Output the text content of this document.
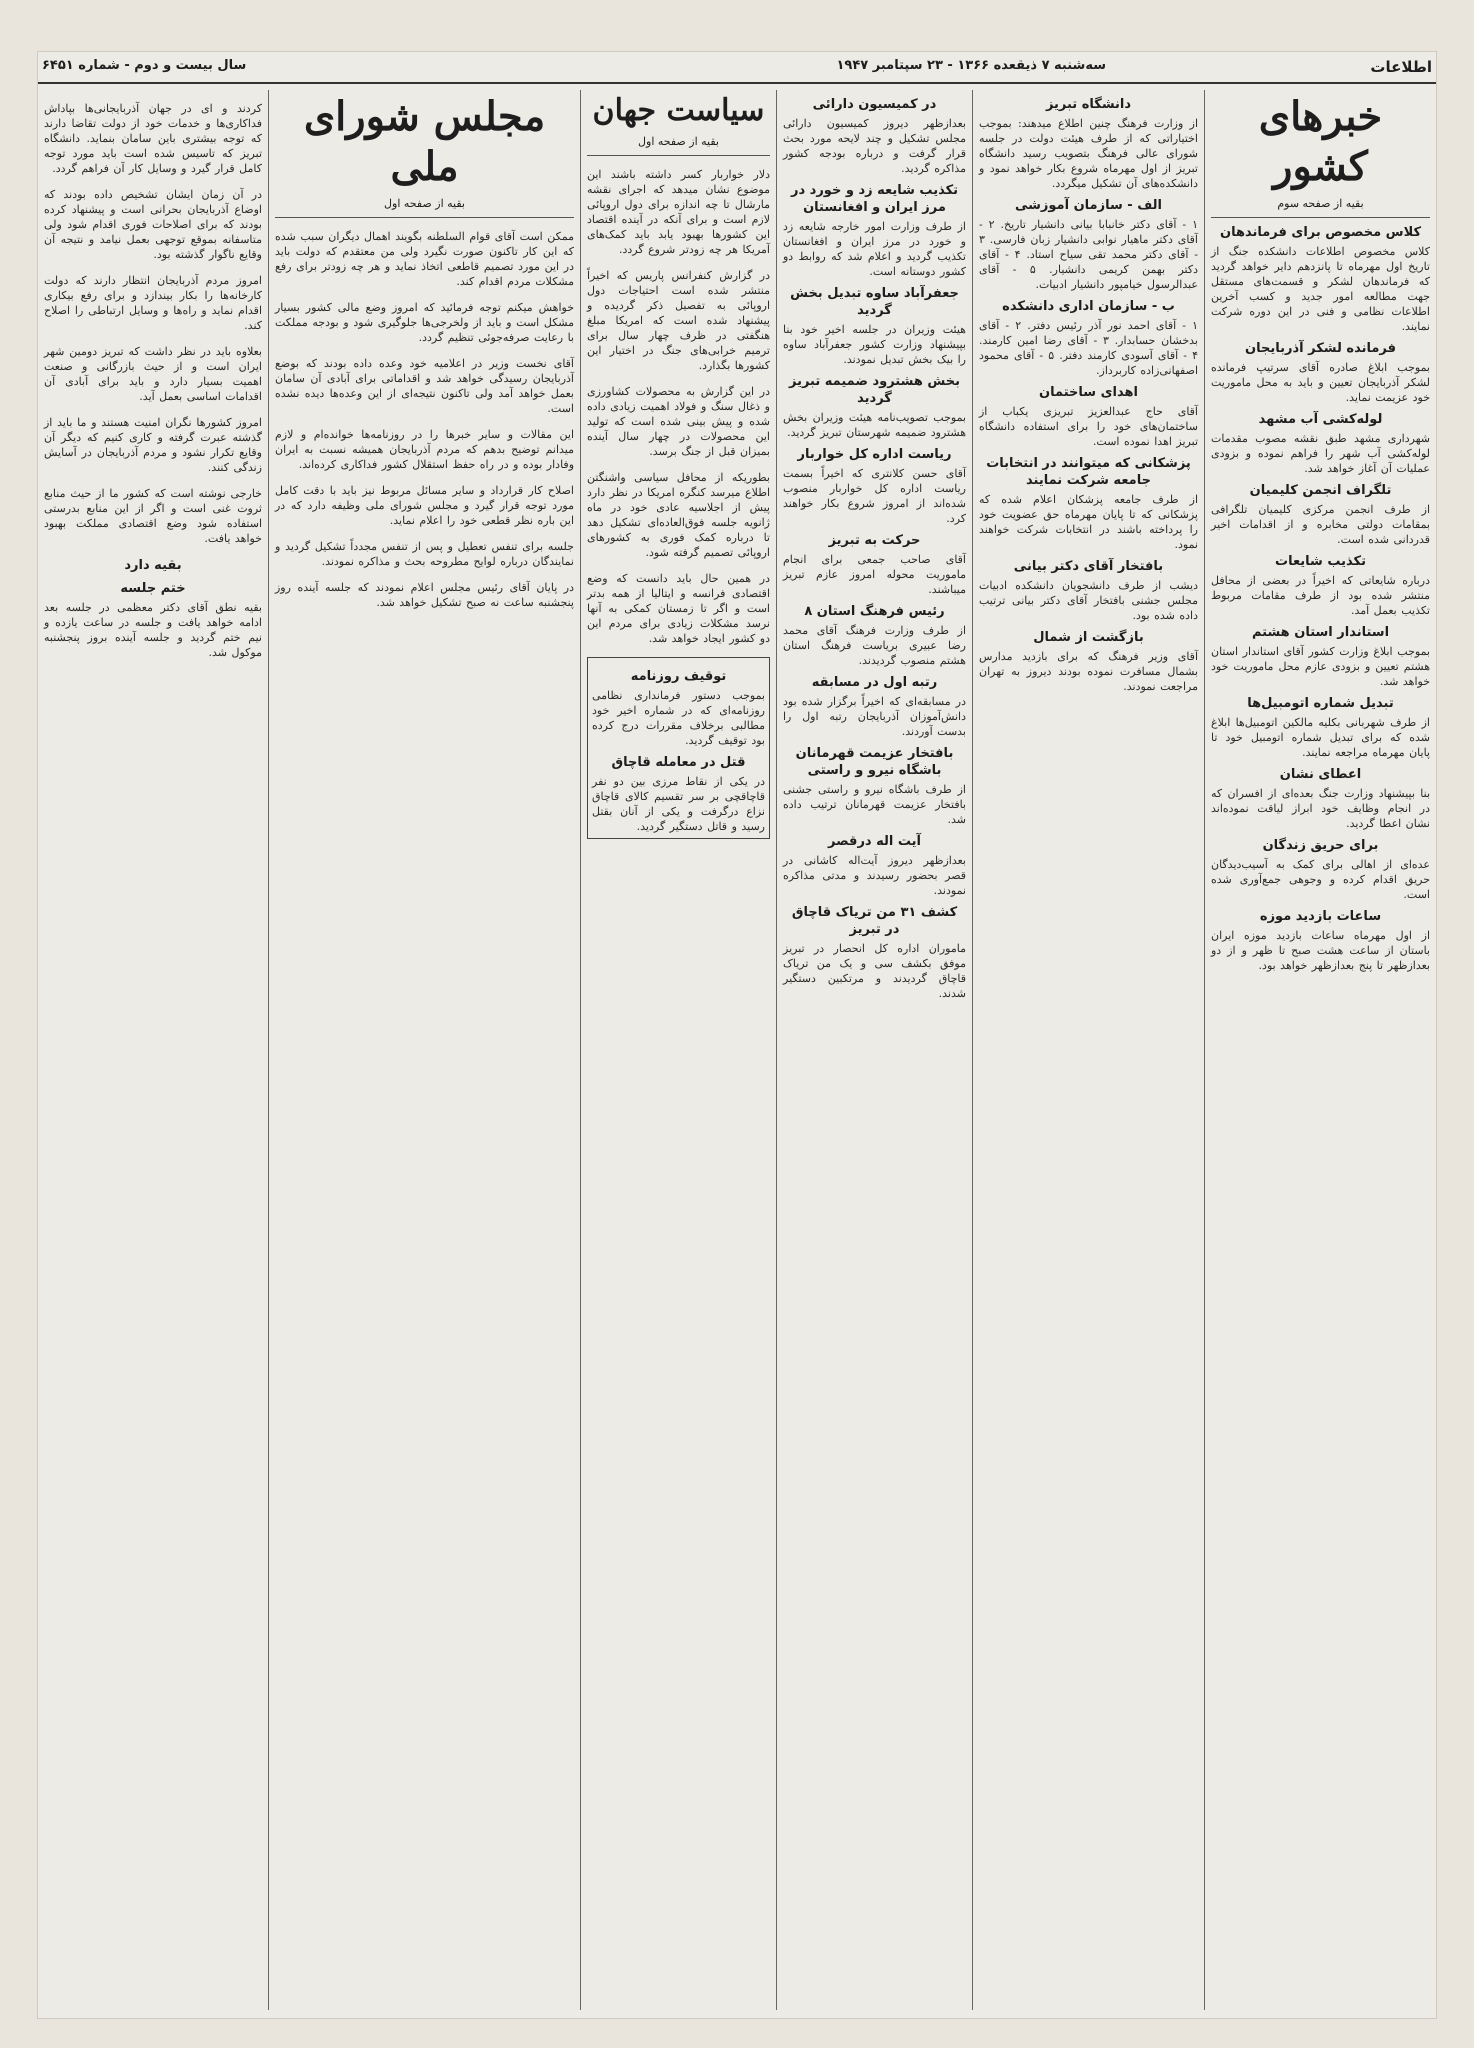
اطلاعات
سه‌شنبه ۷ ذیقعده ۱۳۶۶ - ۲۳ سپتامبر ۱۹۴۷
سال بیست و دوم - شماره ۶۴۵۱
خبرهای کشور
بقیه از صفحه سوم
کلاس مخصوص برای فرماندهان
کلاس مخصوص اطلاعات دانشکده جنگ از تاریخ اول مهرماه تا پانزدهم دایر خواهد گردید که فرماندهان لشکر و قسمت‌های مستقل جهت مطالعه امور جدید و کسب آخرین اطلاعات نظامی و فنی در این دوره شرکت نمایند.
فرمانده لشکر آذربایجان
بموجب ابلاغ صادره آقای سرتیپ فرمانده لشکر آذربایجان تعیین و باید به محل ماموریت خود عزیمت نماید.
لوله‌کشی آب مشهد
شهرداری مشهد طبق نقشه مصوب مقدمات لوله‌کشی آب شهر را فراهم نموده و بزودی عملیات آن آغاز خواهد شد.
تلگراف انجمن کلیمیان
از طرف انجمن مرکزی کلیمیان تلگرافی بمقامات دولتی مخابره و از اقدامات اخیر قدردانی شده است.
تکذیب شایعات
درباره شایعاتی که اخیراً در بعضی از محافل منتشر شده بود از طرف مقامات مربوط تکذیب بعمل آمد.
استاندار استان هشتم
بموجب ابلاغ وزارت کشور آقای استاندار استان هشتم تعیین و بزودی عازم محل ماموریت خود خواهد شد.
تبدیل شماره اتومبیل‌ها
از طرف شهربانی بکلیه مالکین اتومبیل‌ها ابلاغ شده که برای تبدیل شماره اتومبیل خود تا پایان مهرماه مراجعه نمایند.
اعطای نشان
بنا بپیشنهاد وزارت جنگ بعده‌ای از افسران که در انجام وظایف خود ابراز لیاقت نموده‌اند نشان اعطا گردید.
برای حریق زندگان
عده‌ای از اهالی برای کمک به آسیب‌دیدگان حریق اقدام کرده و وجوهی جمع‌آوری شده است.
ساعات بازدید موزه
از اول مهرماه ساعات بازدید موزه ایران باستان از ساعت هشت صبح تا ظهر و از دو بعدازظهر تا پنج بعدازظهر خواهد بود.
دانشگاه تبریز
از وزارت فرهنگ چنین اطلاع میدهند: بموجب اختیاراتی که از طرف هیئت دولت در جلسه شورای عالی فرهنگ بتصویب رسید دانشگاه تبریز از اول مهرماه شروع بکار خواهد نمود و دانشکده‌های آن تشکیل میگردد.
الف - سازمان آموزشی
۱ - آقای دکتر خانبابا بیانی دانشیار تاریخ. ۲ - آقای دکتر ماهیار نوابی دانشیار زبان فارسی. ۳ - آقای دکتر محمد تقی سیاح استاد. ۴ - آقای دکتر بهمن کریمی دانشیار. ۵ - آقای عبدالرسول خیامپور دانشیار ادبیات.
ب - سازمان اداری دانشکده
۱ - آقای احمد نور آذر رئیس دفتر. ۲ - آقای بدخشان حسابدار. ۳ - آقای رضا امین کارمند. ۴ - آقای آسودی کارمند دفتر. ۵ - آقای محمود اصفهانی‌زاده کاربرداز.
اهدای ساختمان
آقای حاج عبدالعزیز تبریزی یکباب از ساختمان‌های خود را برای استفاده دانشگاه تبریز اهدا نموده است.
پزشکانی که میتوانند در انتخابات جامعه شرکت نمایند
از طرف جامعه پزشکان اعلام شده که پزشکانی که تا پایان مهرماه حق عضویت خود را پرداخته باشند در انتخابات شرکت خواهند نمود.
بافتخار آقای دکتر بیانی
دیشب از طرف دانشجویان دانشکده ادبیات مجلس جشنی بافتخار آقای دکتر بیانی ترتیب داده شده بود.
بازگشت از شمال
آقای وزیر فرهنگ که برای بازدید مدارس بشمال مسافرت نموده بودند دیروز به تهران مراجعت نمودند.
در کمیسیون دارائی
بعدازظهر دیروز کمیسیون دارائی مجلس تشکیل و چند لایحه مورد بحث قرار گرفت و درباره بودجه کشور مذاکره گردید.
تکذیب شایعه زد و خورد در مرز ایران و افغانستان
از طرف وزارت امور خارجه شایعه زد و خورد در مرز ایران و افغانستان تکذیب گردید و اعلام شد که روابط دو کشور دوستانه است.
جعفرآباد ساوه تبدیل بخش گردید
هیئت وزیران در جلسه اخیر خود بنا بپیشنهاد وزارت کشور جعفرآباد ساوه را بیک بخش تبدیل نمودند.
بخش هشترود ضمیمه تبریز گردید
بموجب تصویب‌نامه هیئت وزیران بخش هشترود ضمیمه شهرستان تبریز گردید.
ریاست اداره کل خواربار
آقای حسن کلانتری که اخیراً بسمت ریاست اداره کل خواربار منصوب شده‌اند از امروز شروع بکار خواهند کرد.
حرکت به تبریز
آقای صاحب جمعی برای انجام ماموریت محوله امروز عازم تبریز میباشند.
رئیس فرهنگ استان ۸
از طرف وزارت فرهنگ آقای محمد رضا عبیری بریاست فرهنگ استان هشتم منصوب گردیدند.
رتبه اول در مسابقه
در مسابقه‌ای که اخیراً برگزار شده بود دانش‌آموزان آذربایجان رتبه اول را بدست آوردند.
بافتخار عزیمت قهرمانان باشگاه نیرو و راستی
از طرف باشگاه نیرو و راستی جشنی بافتخار عزیمت قهرمانان ترتیب داده شد.
آیت اله درقصر
بعدازظهر دیروز آیت‌اله کاشانی در قصر بحضور رسیدند و مدتی مذاکره نمودند.
کشف ۳۱ من تریاک قاچاق در تبریز
ماموران اداره کل انحصار در تبریز موفق بکشف سی و یک من تریاک قاچاق گردیدند و مرتکبین دستگیر شدند.
سیاست جهان
بقیه از صفحه اول

دلار خواربار کسر داشته باشند این موضوع نشان میدهد که اجرای نقشه مارشال تا چه اندازه برای دول اروپائی لازم است و برای آنکه در آینده اقتصاد این کشورها بهبود یابد باید کمک‌های آمریکا هر چه زودتر شروع گردد.

در گزارش کنفرانس پاریس که اخیراً منتشر شده است احتیاجات دول اروپائی به تفصیل ذکر گردیده و پیشنهاد شده است که امریکا مبلغ هنگفتی در ظرف چهار سال برای ترمیم خرابی‌های جنگ در اختیار این کشورها بگذارد.

در این گزارش به محصولات کشاورزی و ذغال سنگ و فولاد اهمیت زیادی داده شده و پیش بینی شده است که تولید این محصولات در چهار سال آینده بمیزان قبل از جنگ برسد.

بطوریکه از محافل سیاسی واشنگتن اطلاع میرسد کنگره امریکا در نظر دارد پیش از اجلاسیه عادی خود در ماه ژانویه جلسه فوق‌العاده‌ای تشکیل دهد تا درباره کمک فوری به کشورهای اروپائی تصمیم گرفته شود.

در همین حال باید دانست که وضع اقتصادی فرانسه و ایتالیا از همه بدتر است و اگر تا زمستان کمکی به آنها نرسد مشکلات زیادی برای مردم این دو کشور ایجاد خواهد شد.

توقیف روزنامه
بموجب دستور فرمانداری نظامی روزنامه‌ای که در شماره اخیر خود مطالبی برخلاف مقررات درج کرده بود توقیف گردید.
قتل در معامله قاچاق
در یکی از نقاط مرزی بین دو نفر قاچاقچی بر سر تقسیم کالای قاچاق نزاع درگرفت و یکی از آنان بقتل رسید و قاتل دستگیر گردید.
مجلس شورای ملی
بقیه از صفحه اول

ممکن است آقای قوام السلطنه بگویند اهمال دیگران سبب شده که این کار تاکنون صورت نگیرد ولی من معتقدم که دولت باید در این مورد تصمیم قاطعی اتخاذ نماید و هر چه زودتر برای رفع مشکلات مردم اقدام کند.

خواهش میکنم توجه فرمائید که امروز وضع مالی کشور بسیار مشکل است و باید از ولخرجی‌ها جلوگیری شود و بودجه مملکت با رعایت صرفه‌جوئی تنظیم گردد.

آقای نخست وزیر در اعلامیه خود وعده داده بودند که بوضع آذربایجان رسیدگی خواهد شد و اقداماتی برای آبادی آن سامان بعمل خواهد آمد ولی تاکنون نتیجه‌ای از این وعده‌ها دیده نشده است.

این مقالات و سایر خبرها را در روزنامه‌ها خوانده‌ام و لازم میدانم توضیح بدهم که مردم آذربایجان همیشه نسبت به ایران وفادار بوده و در راه حفظ استقلال کشور فداکاری کرده‌اند.

اصلاح کار قرارداد و سایر مسائل مربوط نیز باید با دقت کامل مورد توجه قرار گیرد و مجلس شورای ملی وظیفه دارد که در این باره نظر قطعی خود را اعلام نماید.

جلسه برای تنفس تعطیل و پس از تنفس مجدداً تشکیل گردید و نمایندگان درباره لوایح مطروحه بحث و مذاکره نمودند.

در پایان آقای رئیس مجلس اعلام نمودند که جلسه آینده روز پنجشنبه ساعت نه صبح تشکیل خواهد شد.

کردند و ای در جهان آذربایجانی‌ها بپاداش فداکاری‌ها و خدمات خود از دولت تقاضا دارند که توجه بیشتری باین سامان بنماید. دانشگاه تبریز که تاسیس شده است باید مورد توجه کامل قرار گیرد و وسایل کار آن فراهم گردد.

در آن زمان ایشان تشخیص داده بودند که اوضاع آذربایجان بحرانی است و پیشنهاد کرده بودند که برای اصلاحات فوری اقدام شود ولی متاسفانه بموقع توجهی بعمل نیامد و نتیجه آن وقایع ناگوار گذشته بود.

امروز مردم آذربایجان انتظار دارند که دولت کارخانه‌ها را بکار بیندازد و برای رفع بیکاری اقدام نماید و راه‌ها و وسایل ارتباطی را اصلاح کند.

بعلاوه باید در نظر داشت که تبریز دومین شهر ایران است و از حیث بازرگانی و صنعت اهمیت بسیار دارد و باید برای آبادی آن اقدامات اساسی بعمل آید.

امروز کشورها نگران امنیت هستند و ما باید از گذشته عبرت گرفته و کاری کنیم که دیگر آن وقایع تکرار نشود و مردم آذربایجان در آسایش زندگی کنند.

خارجی نوشته است که کشور ما از حیث منابع ثروت غنی است و اگر از این منابع بدرستی استفاده شود وضع اقتصادی مملکت بهبود خواهد یافت.

بقیه دارد
ختم جلسه
بقیه نطق آقای دکتر معظمی در جلسه بعد ادامه خواهد یافت و جلسه در ساعت یازده و نیم ختم گردید و جلسه آینده بروز پنجشنبه موکول شد.
